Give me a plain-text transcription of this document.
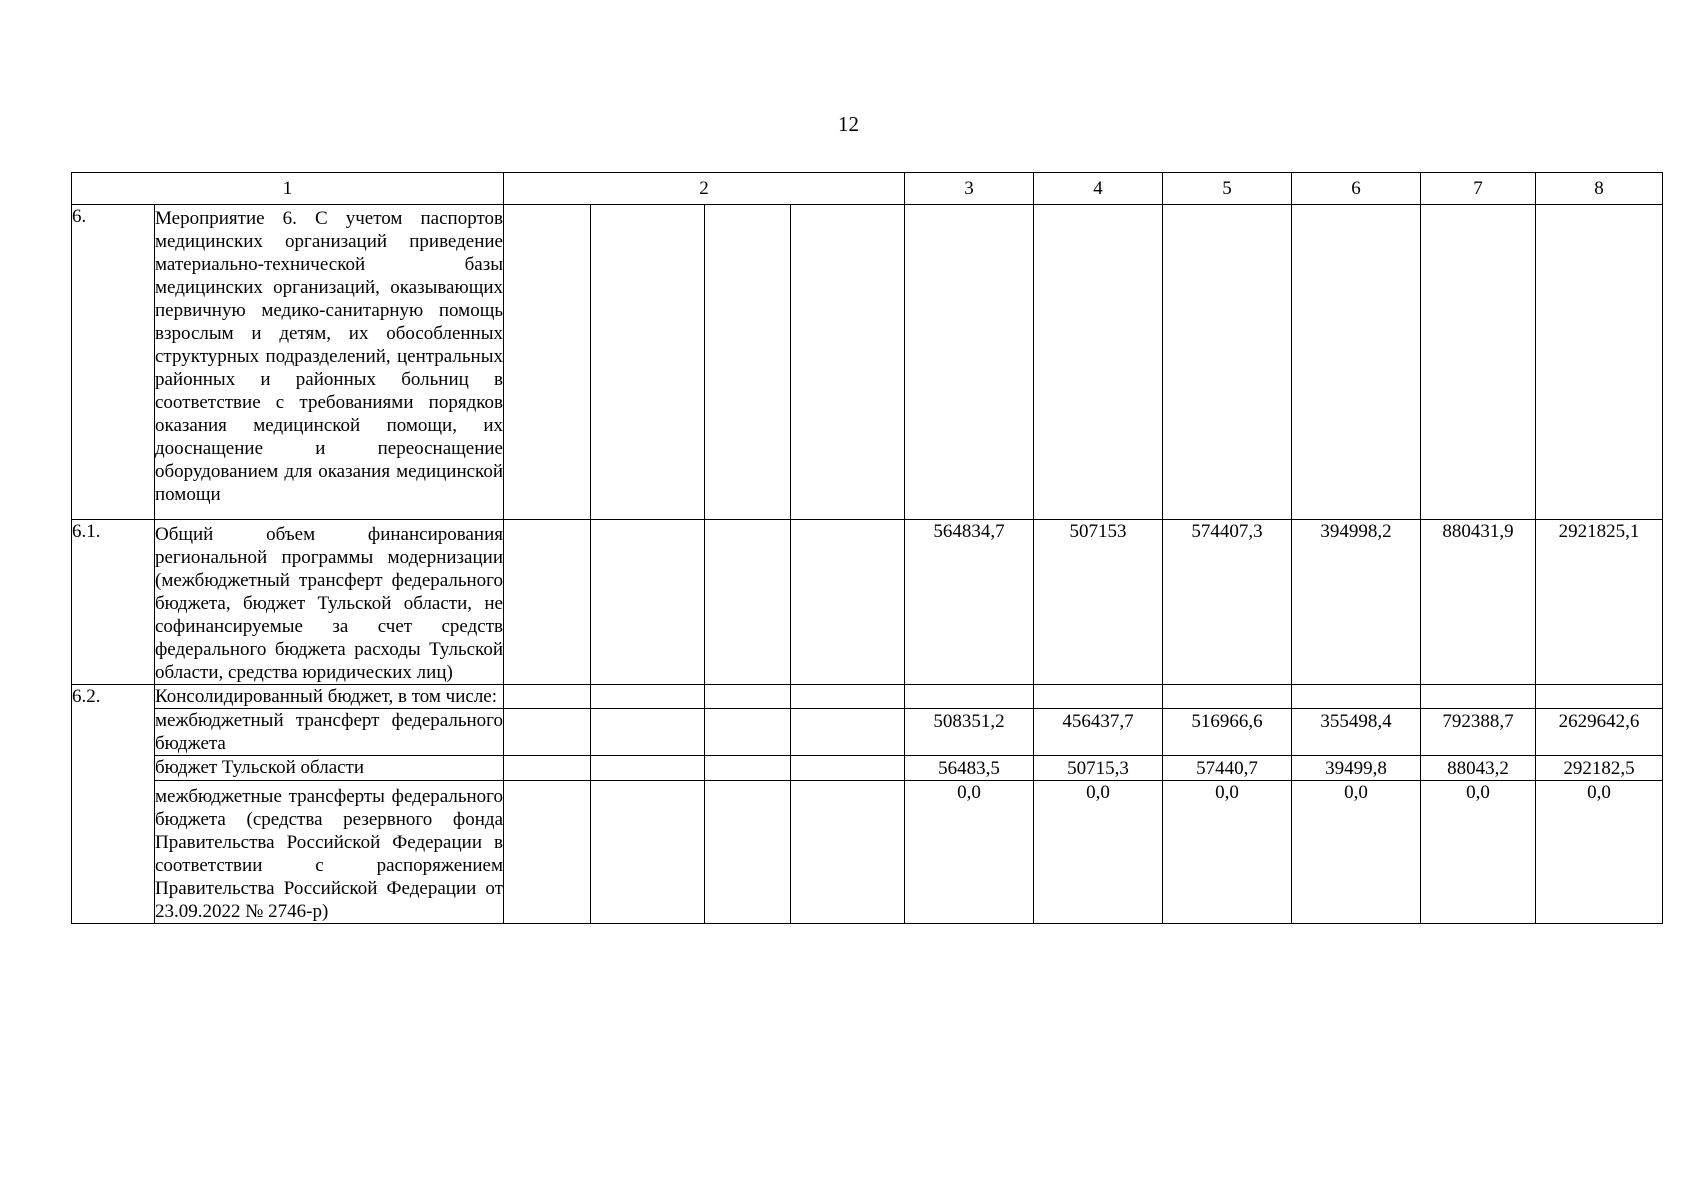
12
1		2				3	4	5	6	7	8
6.	Мероприятие 6. С учетом паспортов медицинских организаций приведение материально-технической базы медицинских организаций, оказывающих первичную медико-санитарную помощь взрослым и детям, их обособленных структурных подразделений, центральных районных и районных больниц в соответствие с требованиями порядков оказания медицинской помощи, их дооснащение и переоснащение оборудованием для оказания медицинской помощи										
6.1.	Общий объем финансирования региональной программы модернизации (межбюджетный трансферт федерального бюджета, бюджет Тульской области, не софинансируемые за счет средств федерального бюджета расходы Тульской области, средства юридических лиц)					564834,7	507153	574407,3	394998,2	880431,9	2921825,1
6.2.	Консолидированный бюджет, в том числе:										
	межбюджетный трансферт федерального бюджета					508351,2	456437,7	516966,6	355498,4	792388,7	2629642,6
	бюджет Тульской области					56483,5	50715,3	57440,7	39499,8	88043,2	292182,5
	межбюджетные трансферты федерального бюджета (средства резервного фонда Правительства Российской Федерации в соответствии с распоряжением Правительства Российской Федерации от 23.09.2022 № 2746-р)					0,0	0,0	0,0	0,0	0,0	0,0
